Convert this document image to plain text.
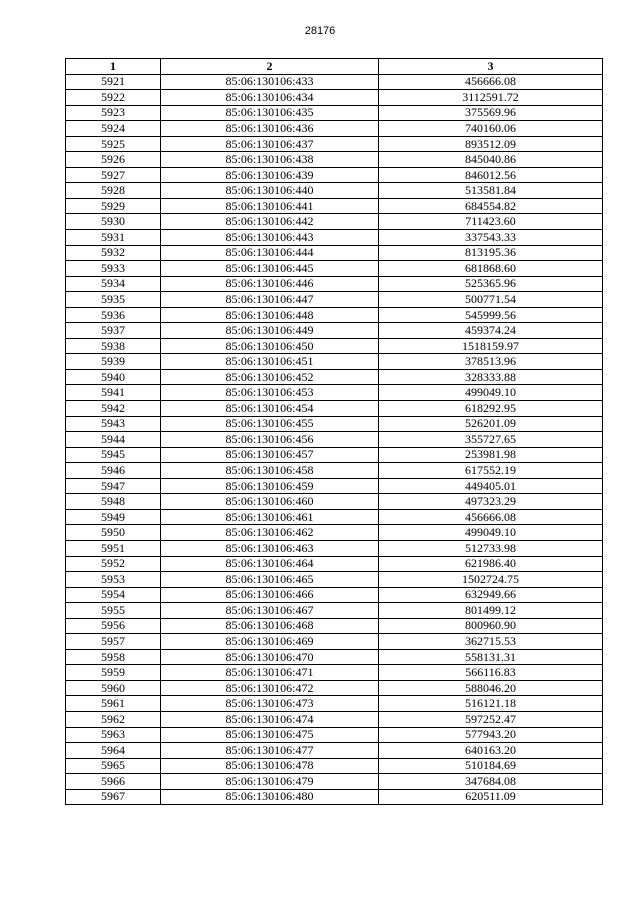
28176
1	2	3
5921	85:06:130106:433	456666.08
5922	85:06:130106:434	3112591.72
5923	85:06:130106:435	375569.96
5924	85:06:130106:436	740160.06
5925	85:06:130106:437	893512.09
5926	85:06:130106:438	845040.86
5927	85:06:130106:439	846012.56
5928	85:06:130106:440	513581.84
5929	85:06:130106:441	684554.82
5930	85:06:130106:442	711423.60
5931	85:06:130106:443	337543.33
5932	85:06:130106:444	813195.36
5933	85:06:130106:445	681868.60
5934	85:06:130106:446	525365.96
5935	85:06:130106:447	500771.54
5936	85:06:130106:448	545999.56
5937	85:06:130106:449	459374.24
5938	85:06:130106:450	1518159.97
5939	85:06:130106:451	378513.96
5940	85:06:130106:452	328333.88
5941	85:06:130106:453	499049.10
5942	85:06:130106:454	618292.95
5943	85:06:130106:455	526201.09
5944	85:06:130106:456	355727.65
5945	85:06:130106:457	253981.98
5946	85:06:130106:458	617552.19
5947	85:06:130106:459	449405.01
5948	85:06:130106:460	497323.29
5949	85:06:130106:461	456666.08
5950	85:06:130106:462	499049.10
5951	85:06:130106:463	512733.98
5952	85:06:130106:464	621986.40
5953	85:06:130106:465	1502724.75
5954	85:06:130106:466	632949.66
5955	85:06:130106:467	801499.12
5956	85:06:130106:468	800960.90
5957	85:06:130106:469	362715.53
5958	85:06:130106:470	558131.31
5959	85:06:130106:471	566116.83
5960	85:06:130106:472	588046.20
5961	85:06:130106:473	516121.18
5962	85:06:130106:474	597252.47
5963	85:06:130106:475	577943.20
5964	85:06:130106:477	640163.20
5965	85:06:130106:478	510184.69
5966	85:06:130106:479	347684.08
5967	85:06:130106:480	620511.09
